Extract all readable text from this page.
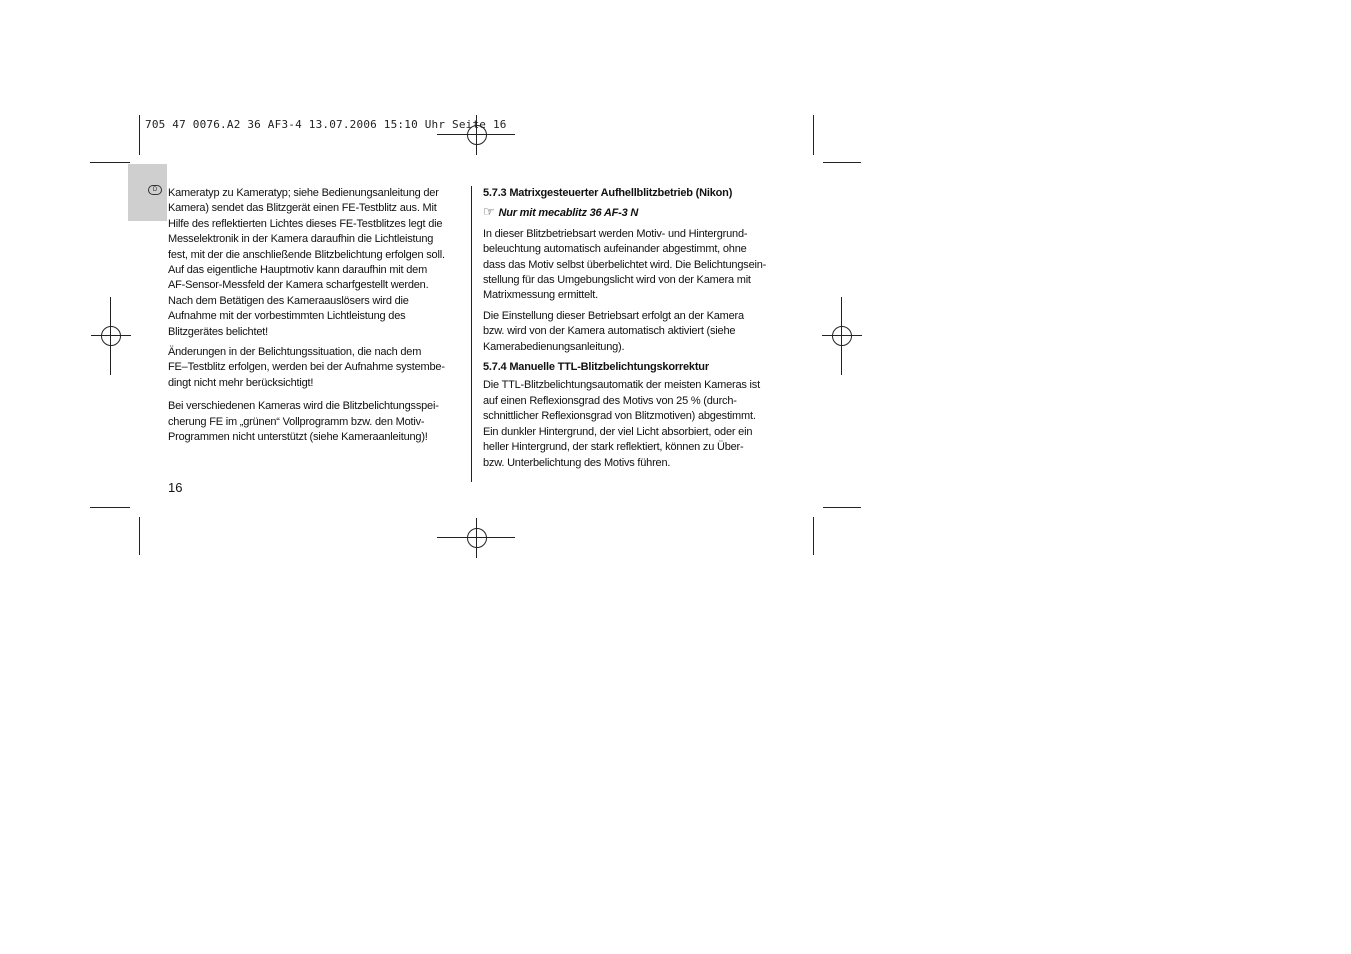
705 47 0076.A2 36 AF3-4 13.07.2006 15:10 Uhr Seite 16
D Kameratyp zu Kameratyp; siehe Bedienungsanleitung der
Kamera) sendet das Blitzgerät einen FE-Testblitz aus. Mit
Hilfe des reflektierten Lichtes dieses FE-Testblitzes legt die
Messelektronik in der Kamera daraufhin die Lichtleistung
fest, mit der die anschließende Blitzbelichtung erfolgen soll.
Auf das eigentliche Hauptmotiv kann daraufhin mit dem
AF-Sensor-Messfeld der Kamera scharfgestellt werden.
Nach dem Betätigen des Kameraauslösers wird die
Aufnahme mit der vorbestimmten Lichtleistung des
Blitzgerätes belichtet!

Änderungen in der Belichtungssituation, die nach dem
FE–Testblitz erfolgen, werden bei der Aufnahme systembe-
dingt nicht mehr berücksichtigt!

Bei verschiedenen Kameras wird die Blitzbelichtungsspei-
cherung FE im „grünen“ Vollprogramm bzw. den Motiv-
Programmen nicht unterstützt (siehe Kameraanleitung)!

5.7.3 Matrixgesteuerter Aufhellblitzbetrieb (Nikon)
☞ Nur mit mecablitz 36 AF-3 N

In dieser Blitzbetriebsart werden Motiv- und Hintergrund-
beleuchtung automatisch aufeinander abgestimmt, ohne
dass das Motiv selbst überbelichtet wird. Die Belichtungsein-
stellung für das Umgebungslicht wird von der Kamera mit
Matrixmessung ermittelt.

Die Einstellung dieser Betriebsart erfolgt an der Kamera
bzw. wird von der Kamera automatisch aktiviert (siehe
Kamerabedienungsanleitung).

5.7.4 Manuelle TTL-Blitzbelichtungskorrektur

Die TTL-Blitzbelichtungsautomatik der meisten Kameras ist
auf einen Reflexionsgrad des Motivs von 25 % (durch-
schnittlicher Reflexionsgrad von Blitzmotiven) abgestimmt.
Ein dunkler Hintergrund, der viel Licht absorbiert, oder ein
heller Hintergrund, der stark reflektiert, können zu Über-
bzw. Unterbelichtung des Motivs führen.

16
